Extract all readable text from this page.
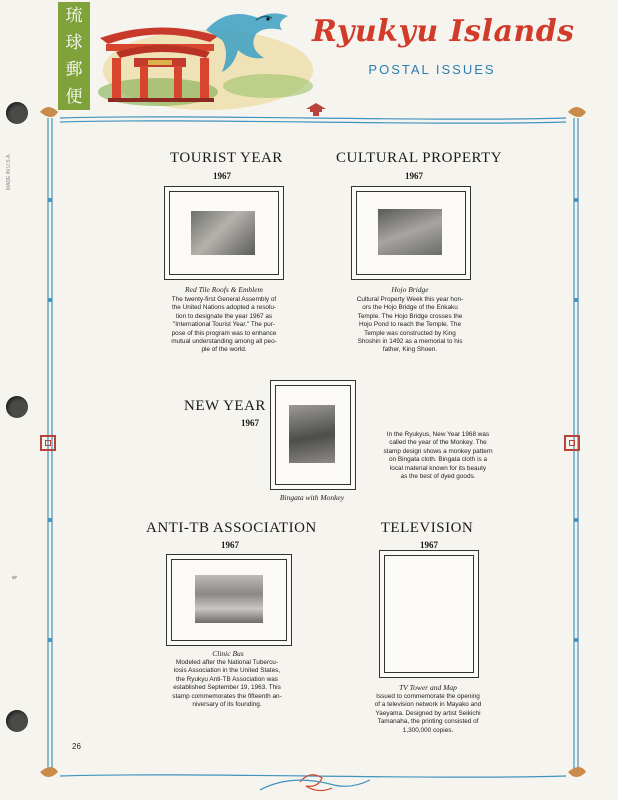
MADE IN U.S.A.
✎
琉
球
郵
便
Ryukyu Islands
POSTAL ISSUES
26
TOURIST YEAR
1967
Red Tile Roofs & Emblem
The twenty-first General Assembly of
the United Nations adopted a resolu-
tion to designate the year 1967 as
"International Tourist Year." The pur-
pose of this program was to enhance
mutual understanding among all peo-
ple of the world.
CULTURAL PROPERTY
1967
Hojo Bridge
Cultural Property Week this year hon-
ors the Hojo Bridge of the Enkaku
Temple. The Hojo Bridge crosses the
Hojo Pond to reach the Temple. The
Temple was constructed by King
Shoshin in 1492 as a memorial to his
father, King Shoen.
NEW YEAR
1967
Bingata with Monkey
In the Ryukyus, New Year 1968 was
called the year of the Monkey. The
stamp design shows a monkey pattern
on Bingata cloth. Bingata cloth is a
local material known for its beauty
as the best of dyed goods.
ANTI-TB ASSOCIATION
1967
Clinic Bus
Modeled after the National Tubercu-
losis Association in the United States,
the Ryukyu Anti-TB Association was
established September 19, 1963. This
stamp commemorates the fifteenth an-
niversary of its founding.
TELEVISION
1967
TV Tower and Map
Issued to commemorate the opening
of a television network in Mayako and
Yaeyama. Designed by artist Seikichi
Tamanaha, the printing consisted of
1,300,000 copies.
